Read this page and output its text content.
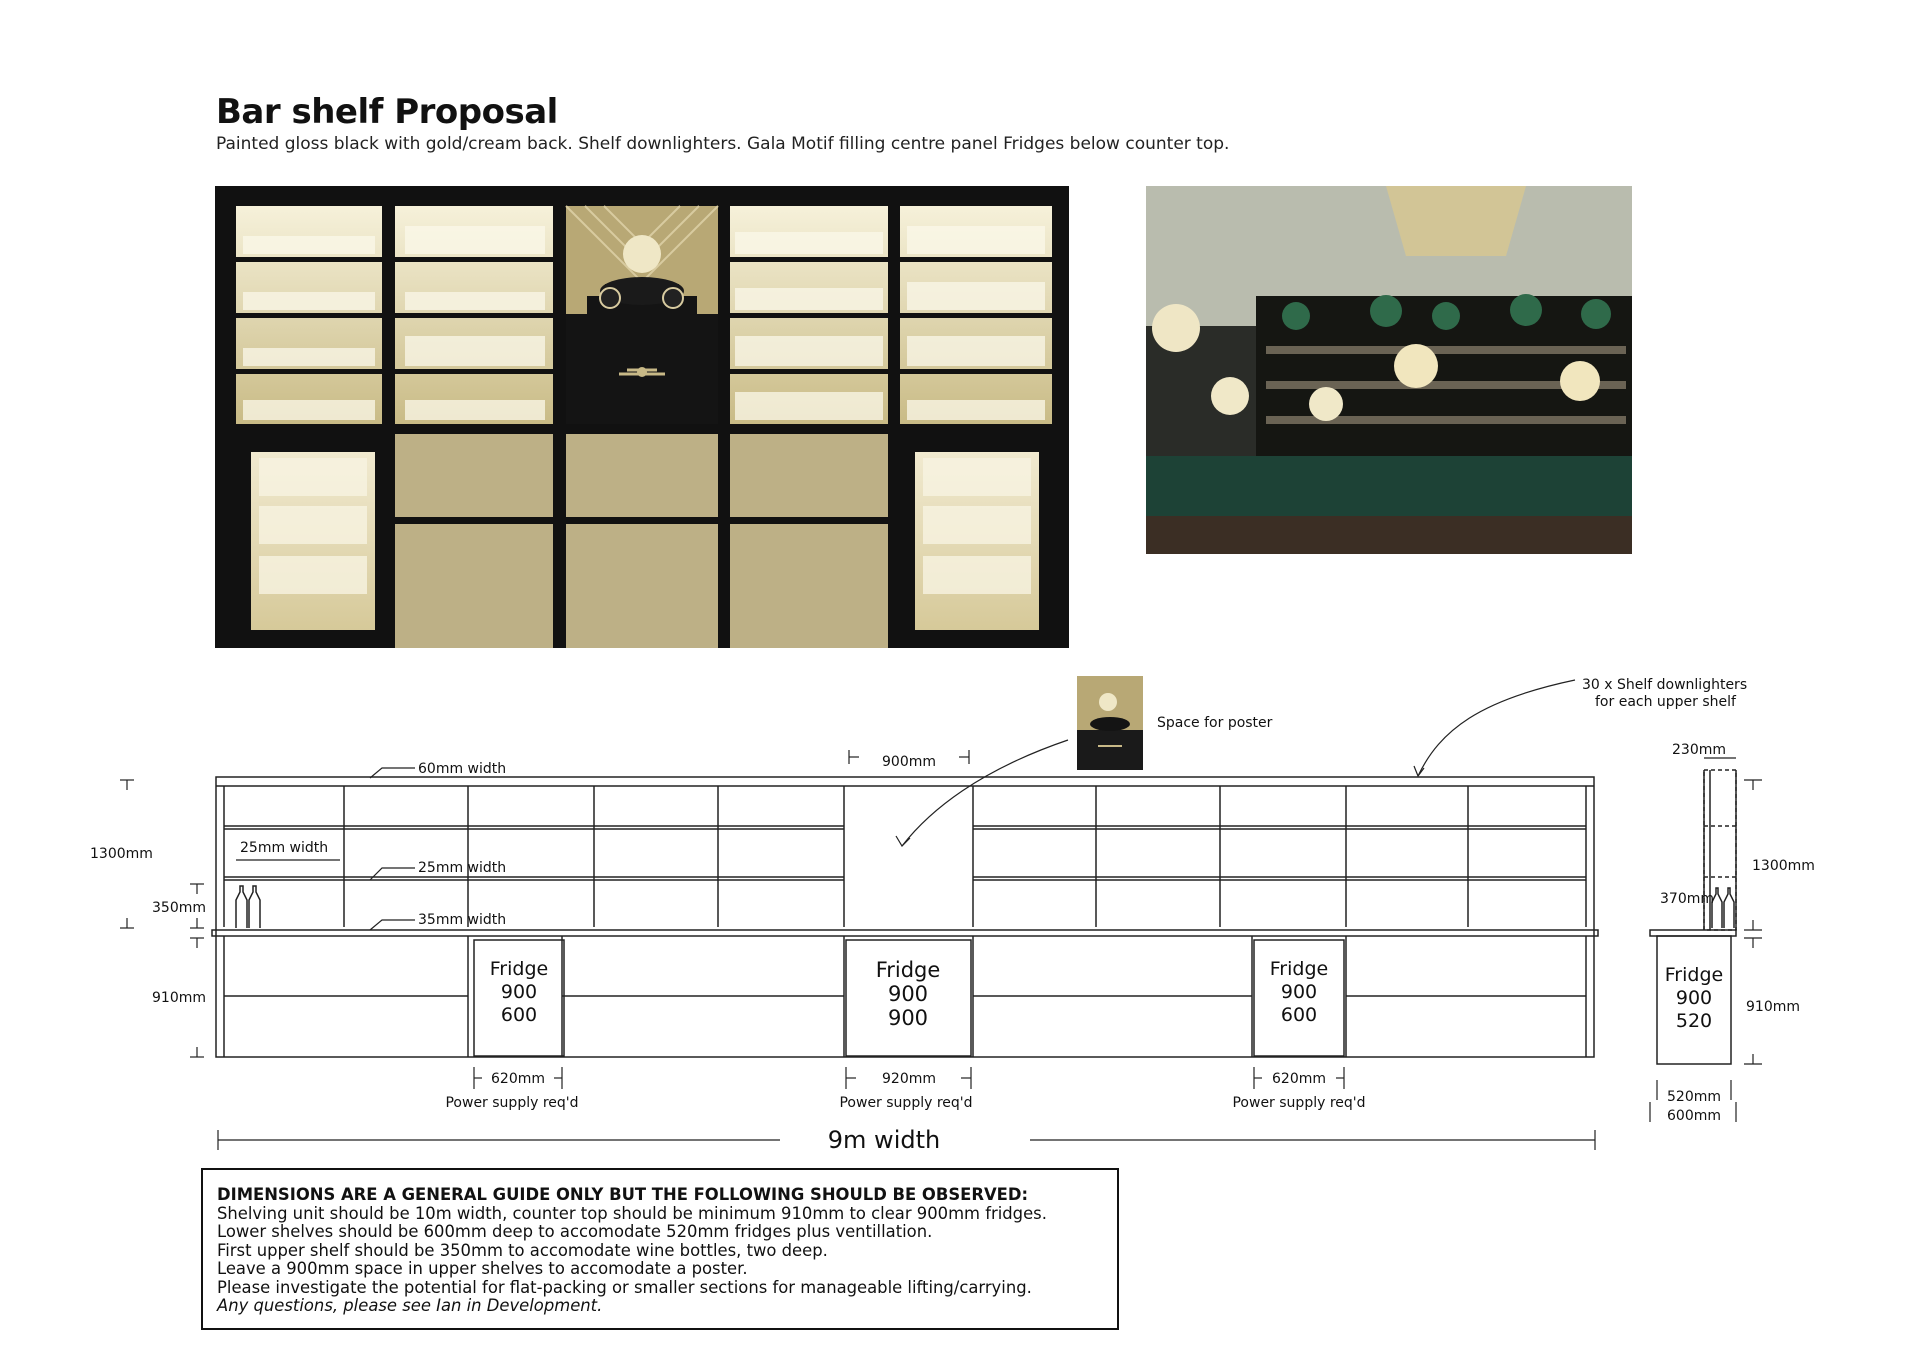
Bar shelf Proposal
Painted gloss black with gold/cream back. Shelf downlighters. Gala Motif filling centre panel Fridges below counter top.
60mm width
25mm width
25mm width
35mm width
1300mm
350mm
910mm
900mm
Space for poster
30 x Shelf downlighters
for each upper shelf
Fridge
900
600
Fridge
900
900
Fridge
900
600
620mm	920mm	620mm
Power supply req'd	Power supply req'd	Power supply req'd
9m width
230mm
1300mm
370mm
Fridge
900
520
910mm
520mm
600mm
DIMENSIONS ARE A GENERAL GUIDE ONLY BUT THE FOLLOWING SHOULD BE OBSERVED:
Shelving unit should be 10m width, counter top should be minimum 910mm to clear 900mm fridges.
Lower shelves should be 600mm deep to accomodate 520mm fridges plus ventillation.
First upper shelf should be 350mm to accomodate wine bottles, two deep.
Leave a 900mm space in upper shelves to accomodate a poster.
Please investigate the potential for flat-packing or smaller sections for manageable lifting/carrying.
Any questions, please see Ian in Development.
